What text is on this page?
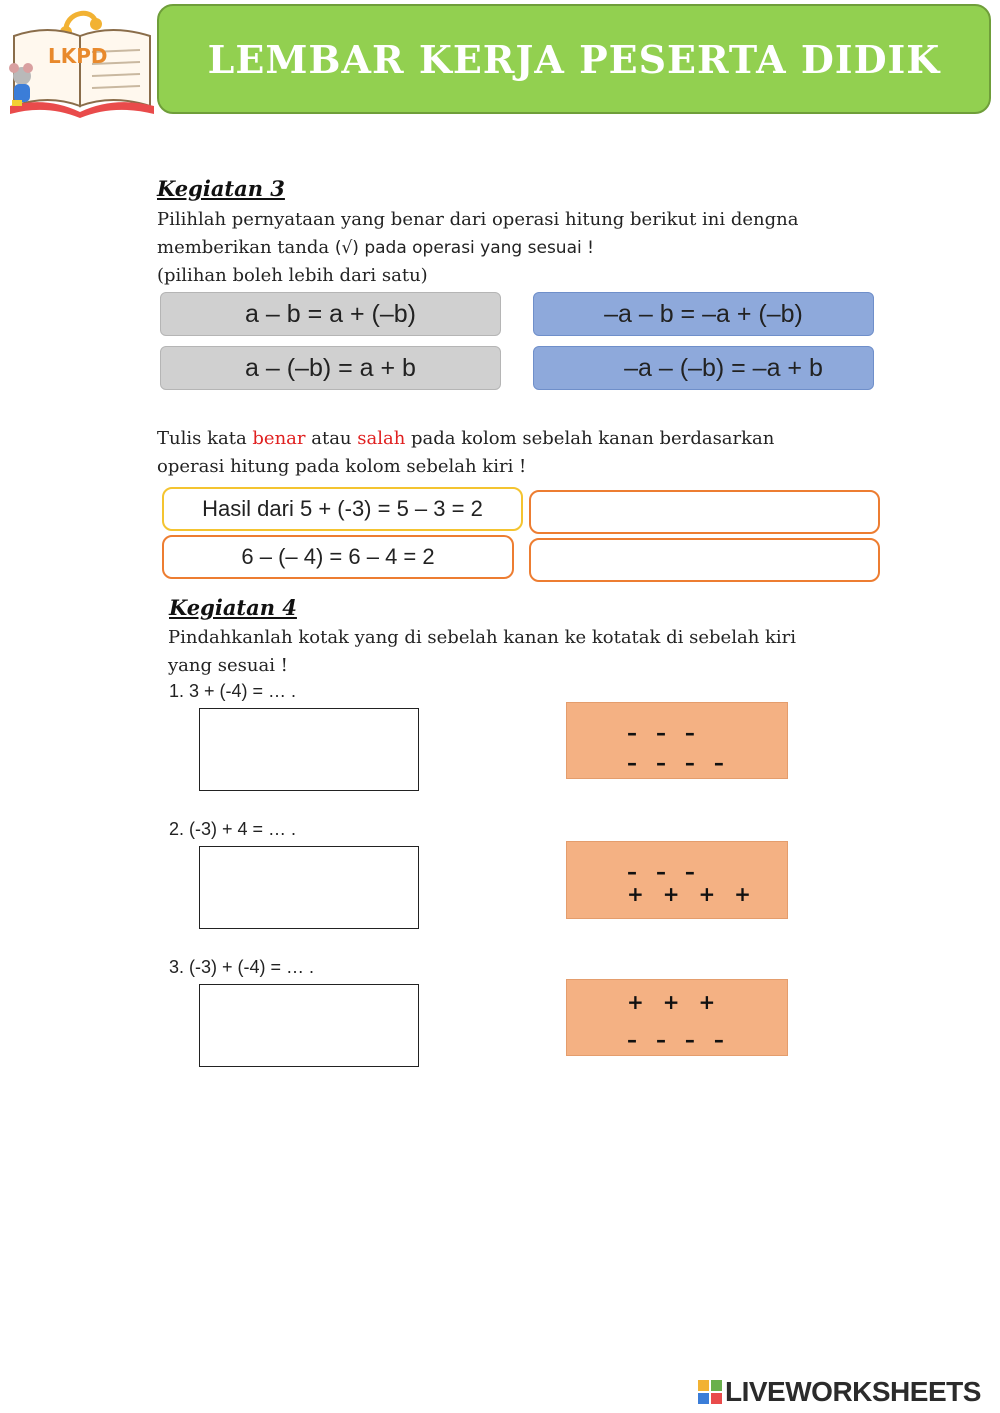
LKPD	LEMBAR KERJA PESERTA DIDIK
Kegiatan 3
Pilihlah pernyataan yang benar dari operasi hitung berikut ini dengna
memberikan tanda (√) pada operasi yang sesuai !
(pilihan boleh lebih dari satu)
a – b = a + (–b)	–a – b = –a + (–b)
a – (–b) = a + b	–a – (–b) = –a + b
Tulis kata benar atau salah pada kolom sebelah kanan berdasarkan
operasi hitung pada kolom sebelah kiri !
Hasil dari 5 + (-3) = 5 – 3 = 2
6 – (– 4) = 6 – 4 = 2
Kegiatan 4
Pindahkanlah kotak yang di sebelah kanan ke kotatak di sebelah kiri
yang sesuai !
1. 3 + (-4) = … .
– – –
– – – –
2. (-3) + 4 = … .
– – –
+ + + +
3. (-3) + (-4) = … .
+ + +
– – – –
LIVEWORKSHEETS
